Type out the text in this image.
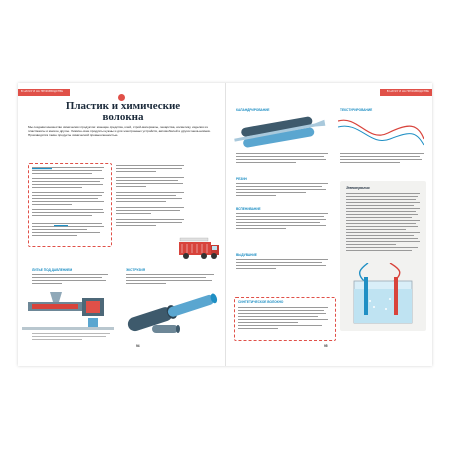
В НАУКУ И НА ПРОИЗВОДСТВЕ
Пластик и химические
волокна
Мы создаём множество химических продуктов: моющие средства, клей, строй-материалы, лекарства, косметику, изделия из пластмассы и многое другое. Химиче-ские продукты нужны и для электронных устройств, автомобилей и других меха-низмов. Производятся такие продукты химической промышленностью.
ЛИТЬЕ ПОД ДАВЛЕНИЕМ	ЭКСТРУЗИЯ
94
В НАУКУ И НА ПРОИЗВОДСТВЕ
КАЛАНДРИРОВАНИЕ	ТЕКСТУРИРОВАНИЕ
РЕЗИН
ВСПЕНИВАНИЕ
ВЫДУВАНИЕ
СИНТЕТИЧЕСКОЕ ВОЛОКНО
Электролиз
95
